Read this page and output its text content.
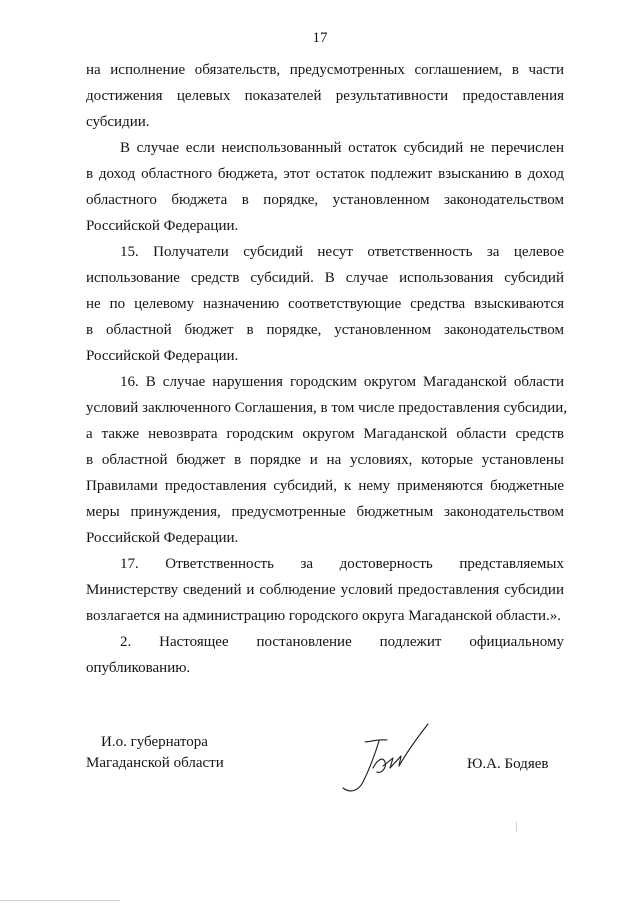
17
на исполнение обязательств, предусмотренных соглашением, в части
достижения целевых показателей результативности предоставления
субсидии.
В случае если неиспользованный остаток субсидий не перечислен
в доход областного бюджета, этот остаток подлежит взысканию в доход
областного бюджета в порядке, установленном законодательством
Российской Федерации.
15. Получатели субсидий несут ответственность за целевое
использование средств субсидий. В случае использования субсидий
не по целевому назначению соответствующие средства взыскиваются
в областной бюджет в порядке, установленном законодательством
Российской Федерации.
16. В случае нарушения городским округом Магаданской области
условий заключенного Соглашения, в том числе предоставления субсидии,
а также невозврата городским округом Магаданской области средств
в областной бюджет в порядке и на условиях, которые установлены
Правилами предоставления субсидий, к нему применяются бюджетные
меры принуждения, предусмотренные бюджетным законодательством
Российской Федерации.
17. Ответственность за достоверность представляемых
Министерству сведений и соблюдение условий предоставления субсидии
возлагается на администрацию городского округа Магаданской области.».
2. Настоящее постановление подлежит официальному
опубликованию.
И.о. губернатора
Магаданской области	Ю.А. Бодяев
